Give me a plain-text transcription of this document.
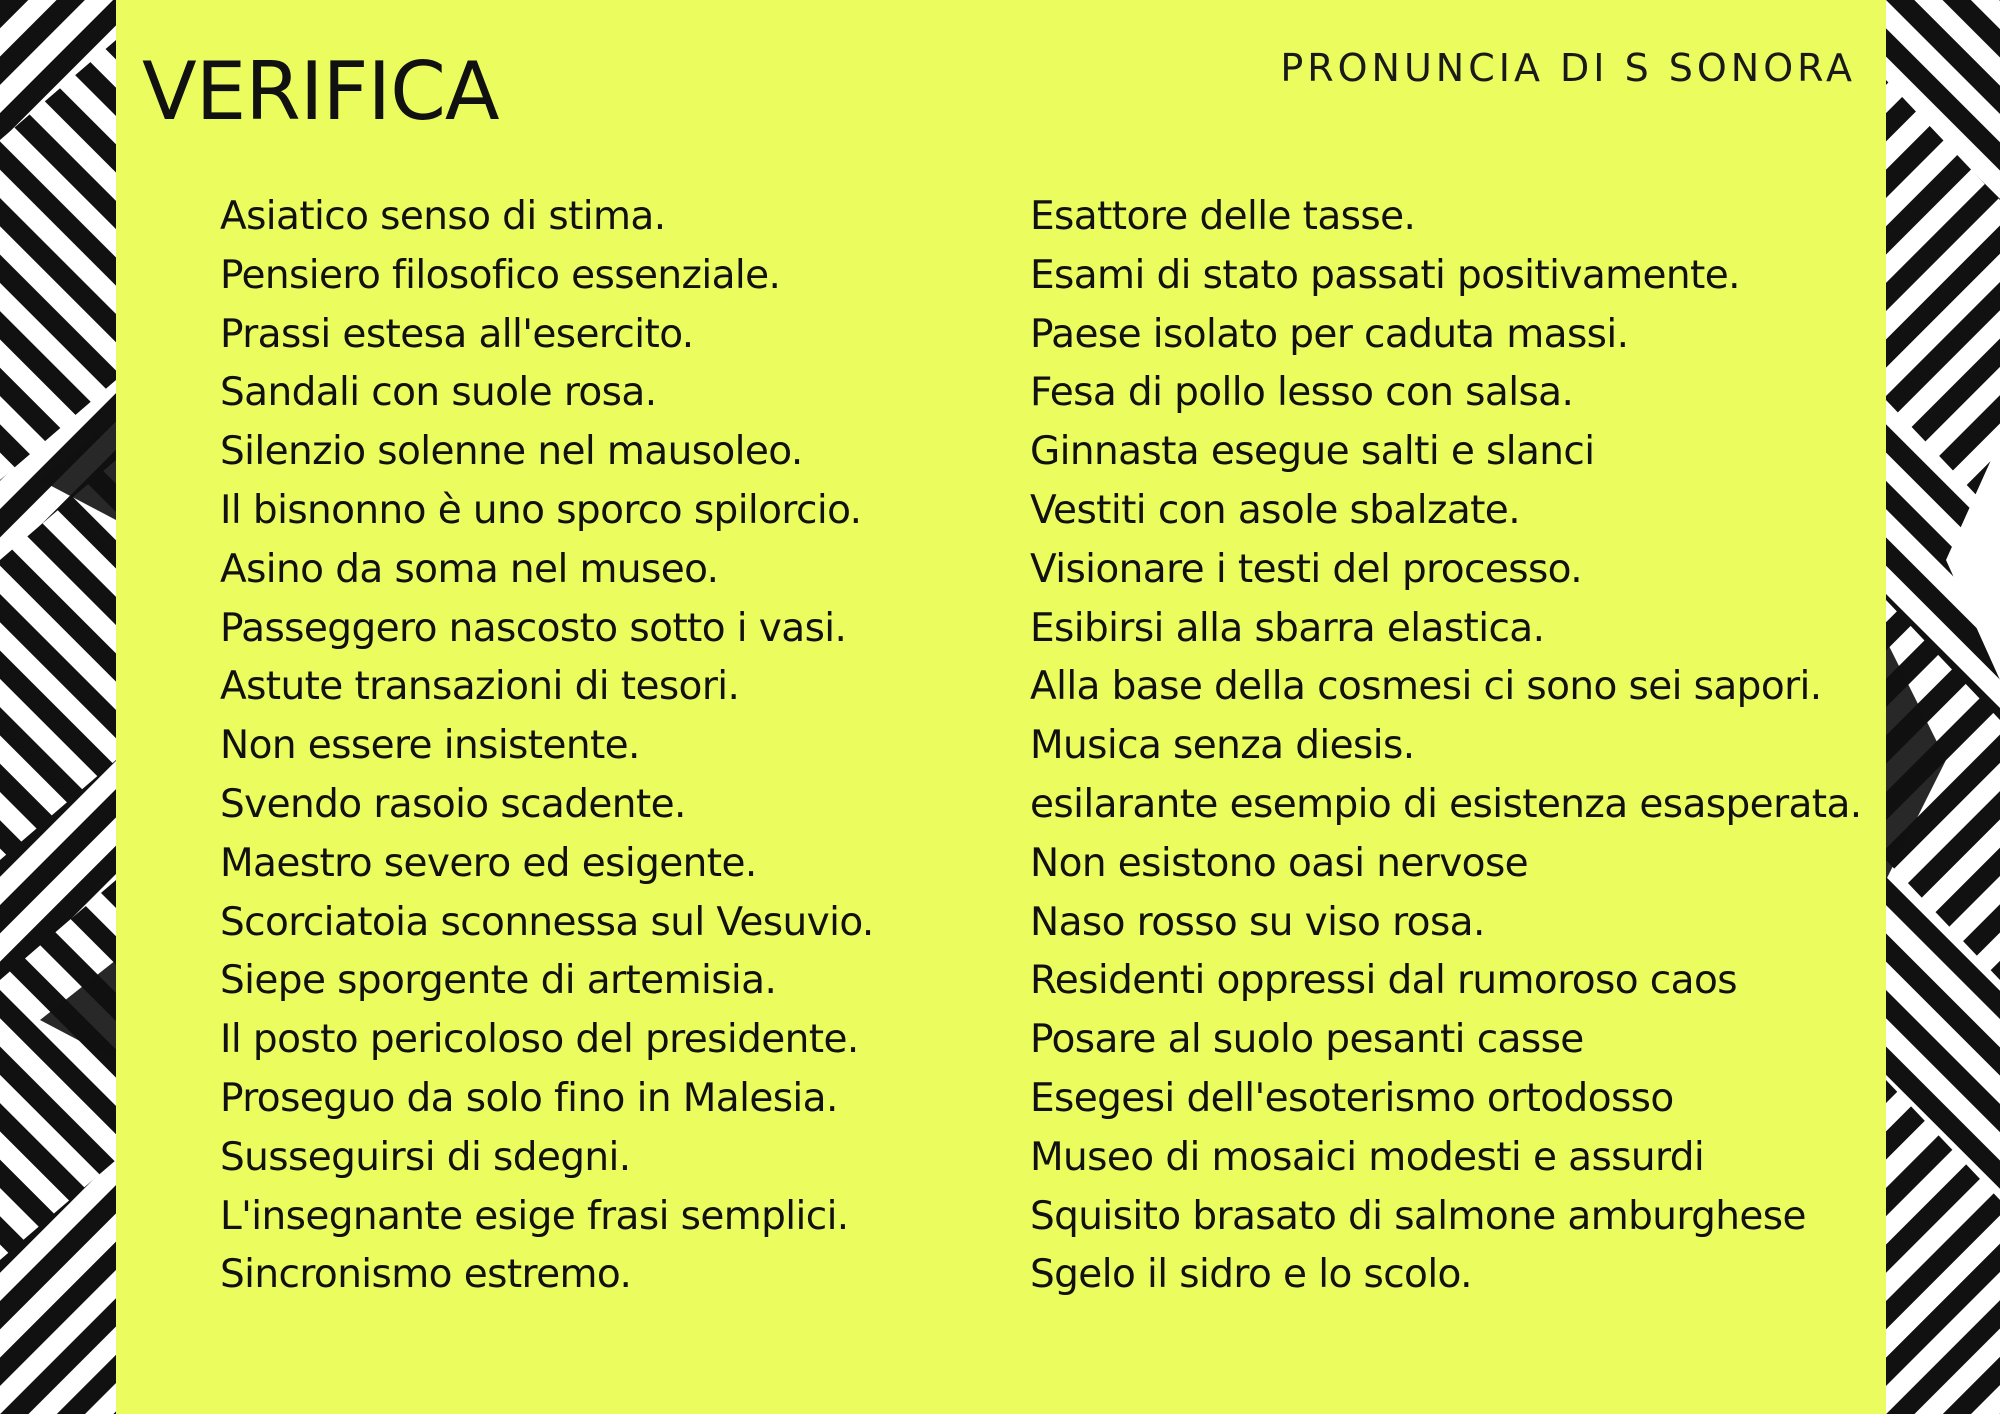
VERIFICA	PRONUNCIA DI S SONORA
Asiatico senso di stima.
Pensiero filosofico essenziale.
Prassi estesa all'esercito.
Sandali con suole rosa.
Silenzio solenne nel mausoleo.
Il bisnonno è uno sporco spilorcio.
Asino da soma nel museo.
Passeggero nascosto sotto i vasi.
Astute transazioni di tesori.
Non essere insistente.
Svendo rasoio scadente.
Maestro severo ed esigente.
Scorciatoia sconnessa sul Vesuvio.
Siepe sporgente di artemisia.
Il posto pericoloso del presidente.
Proseguo da solo fino in Malesia.
Susseguirsi di sdegni.
L'insegnante esige frasi semplici.
Sincronismo estremo.
Esattore delle tasse.
Esami di stato passati positivamente.
Paese isolato per caduta massi.
Fesa di pollo lesso con salsa.
Ginnasta esegue salti e slanci
Vestiti con asole sbalzate.
Visionare i testi del processo.
Esibirsi alla sbarra elastica.
Alla base della cosmesi ci sono sei sapori.
Musica senza diesis.
esilarante esempio di esistenza esasperata.
Non esistono oasi nervose
Naso rosso su viso rosa.
Residenti oppressi dal rumoroso caos
Posare al suolo pesanti casse
Esegesi dell'esoterismo ortodosso
Museo di mosaici modesti e assurdi
Squisito brasato di salmone amburghese
Sgelo il sidro e lo scolo.
